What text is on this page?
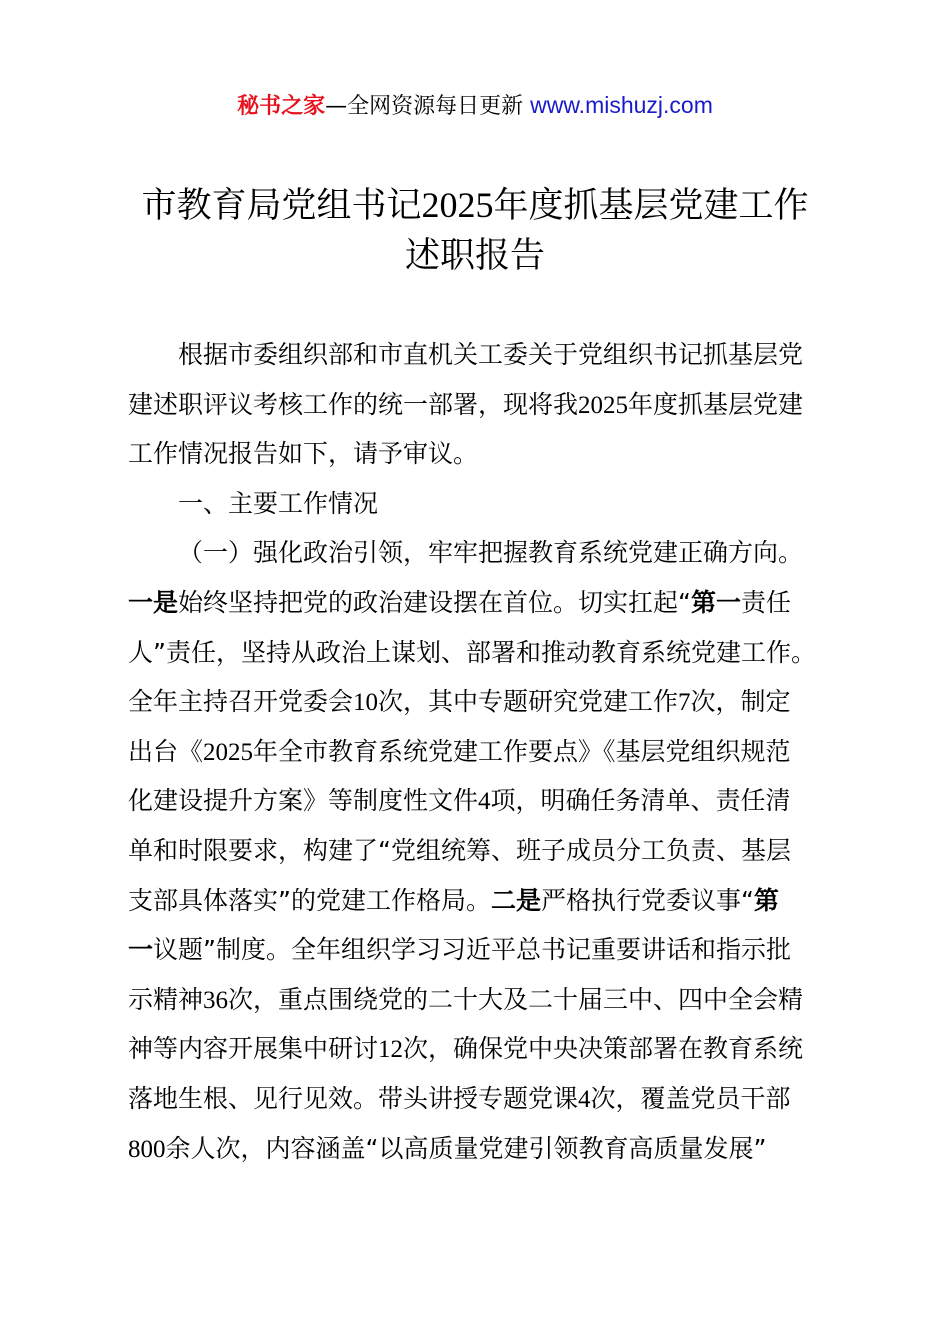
秘书之家—全网资源每日更新 www.mishuzj.com
市教育局党组书记2025年度抓基层党建工作
述职报告
根据市委组织部和市直机关工委关于党组织书记抓基层党
建述职评议考核工作的统一部署，现将我2025年度抓基层党建
工作情况报告如下，请予审议。
一、主要工作情况
（一）强化政治引领，牢牢把握教育系统党建正确方向。
一是始终坚持把党的政治建设摆在首位。切实扛起“第一责任
人”责任，坚持从政治上谋划、部署和推动教育系统党建工作。
全年主持召开党委会10次，其中专题研究党建工作7次，制定
出台《2025年全市教育系统党建工作要点》《基层党组织规范
化建设提升方案》等制度性文件4项，明确任务清单、责任清
单和时限要求，构建了“党组统筹、班子成员分工负责、基层
支部具体落实”的党建工作格局。二是严格执行党委议事“第
一议题”制度。全年组织学习习近平总书记重要讲话和指示批
示精神36次，重点围绕党的二十大及二十届三中、四中全会精
神等内容开展集中研讨12次，确保党中央决策部署在教育系统
落地生根、见行见效。带头讲授专题党课4次，覆盖党员干部
800余人次，内容涵盖“以高质量党建引领教育高质量发展”
